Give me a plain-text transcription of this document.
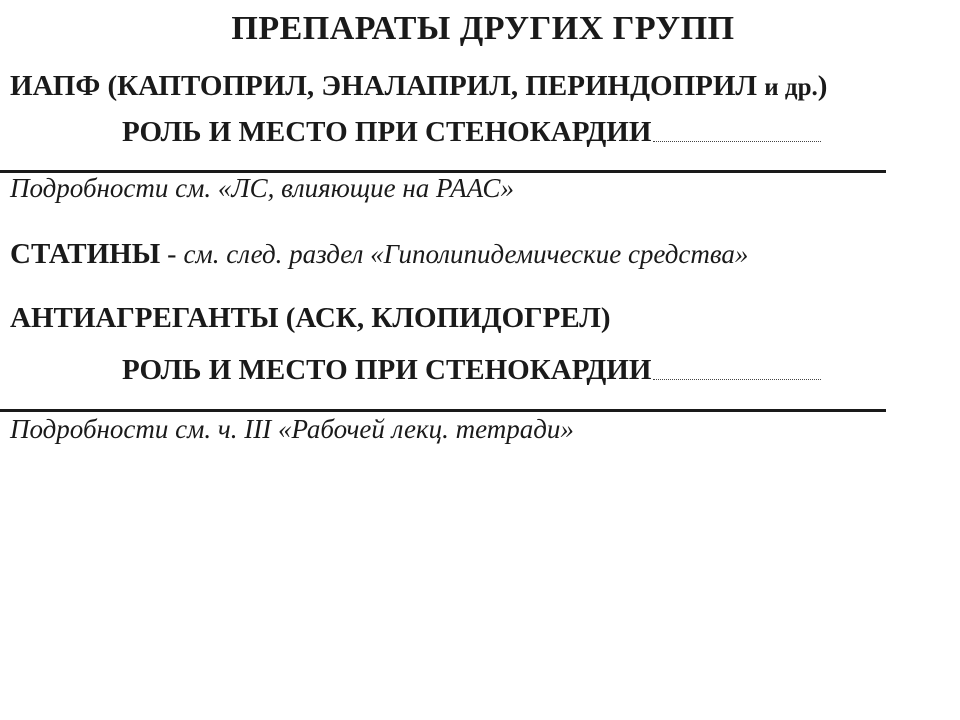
ПРЕПАРАТЫ ДРУГИХ ГРУПП
ИАПФ (КАПТОПРИЛ, ЭНАЛАПРИЛ, ПЕРИНДОПРИЛ и др.)
РОЛЬ И МЕСТО ПРИ СТЕНОКАРДИИ
Подробности см. «ЛС, влияющие на РААС»
СТАТИНЫ - см. след. раздел «Гиполипидемические средства»
АНТИАГРЕГАНТЫ (АСК, КЛОПИДОГРЕЛ)
РОЛЬ И МЕСТО ПРИ СТЕНОКАРДИИ
Подробности см. ч. III «Рабочей лекц. тетради»
